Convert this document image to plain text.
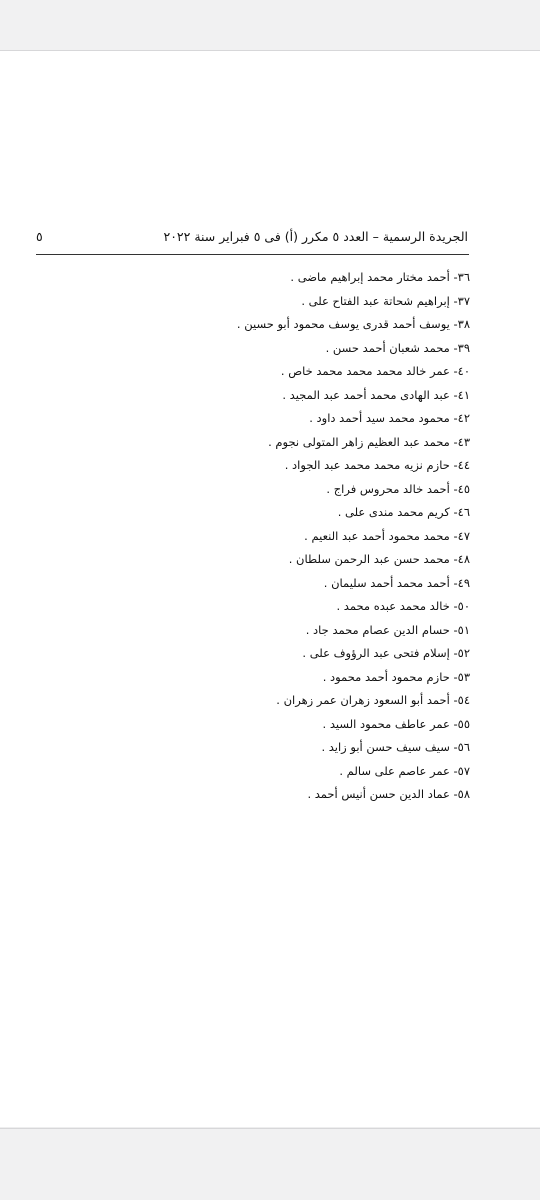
الجريدة الرسمية – العدد ٥ مكرر (أ) فى ٥ فبراير سنة ٢٠٢٢
٥
٣٦- أحمد مختار محمد إبراهيم ماضى .
٣٧- إبراهيم شحاتة عبد الفتاح على .
٣٨- يوسف أحمد قدرى يوسف محمود أبو حسين .
٣٩- محمد شعبان أحمد حسن .
٤٠- عمر خالد محمد محمد محمد خاص .
٤١- عبد الهادى محمد أحمد عبد المجيد .
٤٢- محمود محمد سيد أحمد داود .
٤٣- محمد عبد العظيم زاهر المتولى نجوم .
٤٤- حازم نزيه محمد محمد عبد الجواد .
٤٥- أحمد خالد محروس فراج .
٤٦- كريم محمد مندى على .
٤٧- محمد محمود أحمد عبد النعيم .
٤٨- محمد حسن عبد الرحمن سلطان .
٤٩- أحمد محمد أحمد سليمان .
٥٠- خالد محمد عبده محمد .
٥١- حسام الدين عصام محمد جاد .
٥٢- إسلام فتحى عبد الرؤوف على .
٥٣- حازم محمود أحمد محمود .
٥٤- أحمد أبو السعود زهران عمر زهران .
٥٥- عمر عاطف محمود السيد .
٥٦- سيف سيف حسن أبو زايد .
٥٧- عمر عاصم على سالم .
٥٨- عماد الدين حسن أنيس أحمد .
